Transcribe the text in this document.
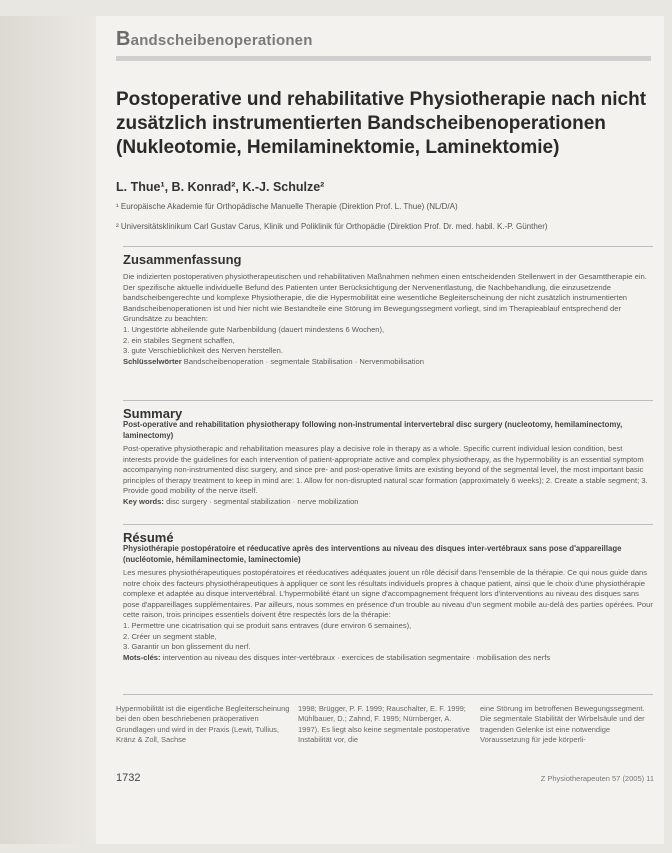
Bandscheibenoperationen
Postoperative und rehabilitative Physiotherapie nach nicht zusätzlich instrumentierten Bandscheibenoperationen (Nukleotomie, Hemilaminektomie, Laminektomie)
L. Thue¹, B. Konrad², K.-J. Schulze²
¹ Europäische Akademie für Orthopädische Manuelle Therapie (Direktion Prof. L. Thue) (NL/D/A)
² Universitätsklinikum Carl Gustav Carus, Klinik und Poliklinik für Orthopädie (Direktion Prof. Dr. med. habil. K.-P. Günther)
Zusammenfassung
Die indizierten postoperativen physiotherapeutischen und rehabilitativen Maßnahmen nehmen einen entscheidenden Stellenwert in der Gesamttherapie ein. Der spezifische aktuelle individuelle Befund des Patienten unter Berücksichtigung der Nervenentlastung, die Nachbehandlung, die einzusetzende bandscheibengerechte und komplexe Physiotherapie, die die Hypermobilität eine wesentliche Begleiterscheinung der nicht zusätzlich instrumentierten Bandscheibenoperationen ist und hier nicht wie Bestandteile eine Störung im Bewegungssegment vorliegt, sind im Therapieablauf entsprechend der Grundsätze zu beachten:
1. Ungestörte abheilende gute Narbenbildung (dauert mindestens 6 Wochen),
2. ein stabiles Segment schaffen,
3. gute Verschieblichkeit des Nerven herstellen.
Schlüsselwörter Bandscheibenoperation · segmentale Stabilisation · Nervenmobilisation
Summary
Post-operative and rehabilitation physiotherapy following non-instrumental intervertebral disc surgery (nucleotomy, hemilaminectomy, laminectomy)
Post-operative physiotherapic and rehabilitation measures play a decisive role in therapy as a whole. Specific current individual lesion condition, best interests provide the guidelines for each intervention of patient-appropriate active and complex physiotherapy, as the hypermobility is an essential symptom accompanying non-instrumented disc surgery, and since pre- and post-operative limits are existing beyond of the segmental level, the most important basic principles of therapy treatment to keep in mind are: 1. Allow for non-disrupted natural scar formation (approximately 6 weeks); 2. Create a stable segment; 3. Provide good mobility of the nerve itself.
Key words: disc surgery · segmental stabilization · nerve mobilization
Résumé
Physiothérapie postopératoire et réeducative après des interventions au niveau des disques inter-vertébraux sans pose d'appareillage (nucléotomie, hémilaminectomie, laminectomie)
Les mesures physiothérapeutiques postopératoires et réeducatives adéquates jouent un rôle décisif dans l'ensemble de la thérapie. Ce qui nous guide dans notre choix des facteurs physiothérapeutiques à appliquer ce sont les résultats individuels propres à chaque patient, ainsi que le choix d'une physiothérapie complexe et adaptée au disque intervertébral. L'hypermobilité étant un signe d'accompagnement fréquent lors d'interventions au niveau des disques sans pose d'appareillages supplémentaires. Par ailleurs, nous sommes en présence d'un trouble au niveau d'un segment mobile au-delà des parties opérées. Pour cette raison, trois principes essentiels doivent être respectés lors de la thérapie:
1. Permettre une cicatrisation qui se produit sans entraves (dure environ 6 semaines),
2. Créer un segment stable,
3. Garantir un bon glissement du nerf.
Mots-clés: intervention au niveau des disques inter-vertébraux · exercices de stabilisation segmentaire · mobilisation des nerfs
Hypermobilität ist die eigentliche Begleiterscheinung bei den oben beschriebenen präoperativen Grundlagen und wird in der Praxis (Lewit, Tullius, Kränz & Zoll, Sachse
1998; Brügger, P. F. 1999; Rauschalter, E. F. 1999; Mühlbauer, D.; Zahnd, F. 1995; Nürnberger, A. 1997). Es liegt also keine segmentale postoperative Instabilität vor, die
eine Störung im betroffenen Bewegungssegment. Die segmentale Stabilität der Wirbelsäule und der tragenden Gelenke ist eine notwendige Voraussetzung für jede körperli-
1732	Z Physiotherapeuten 57 (2005) 11
